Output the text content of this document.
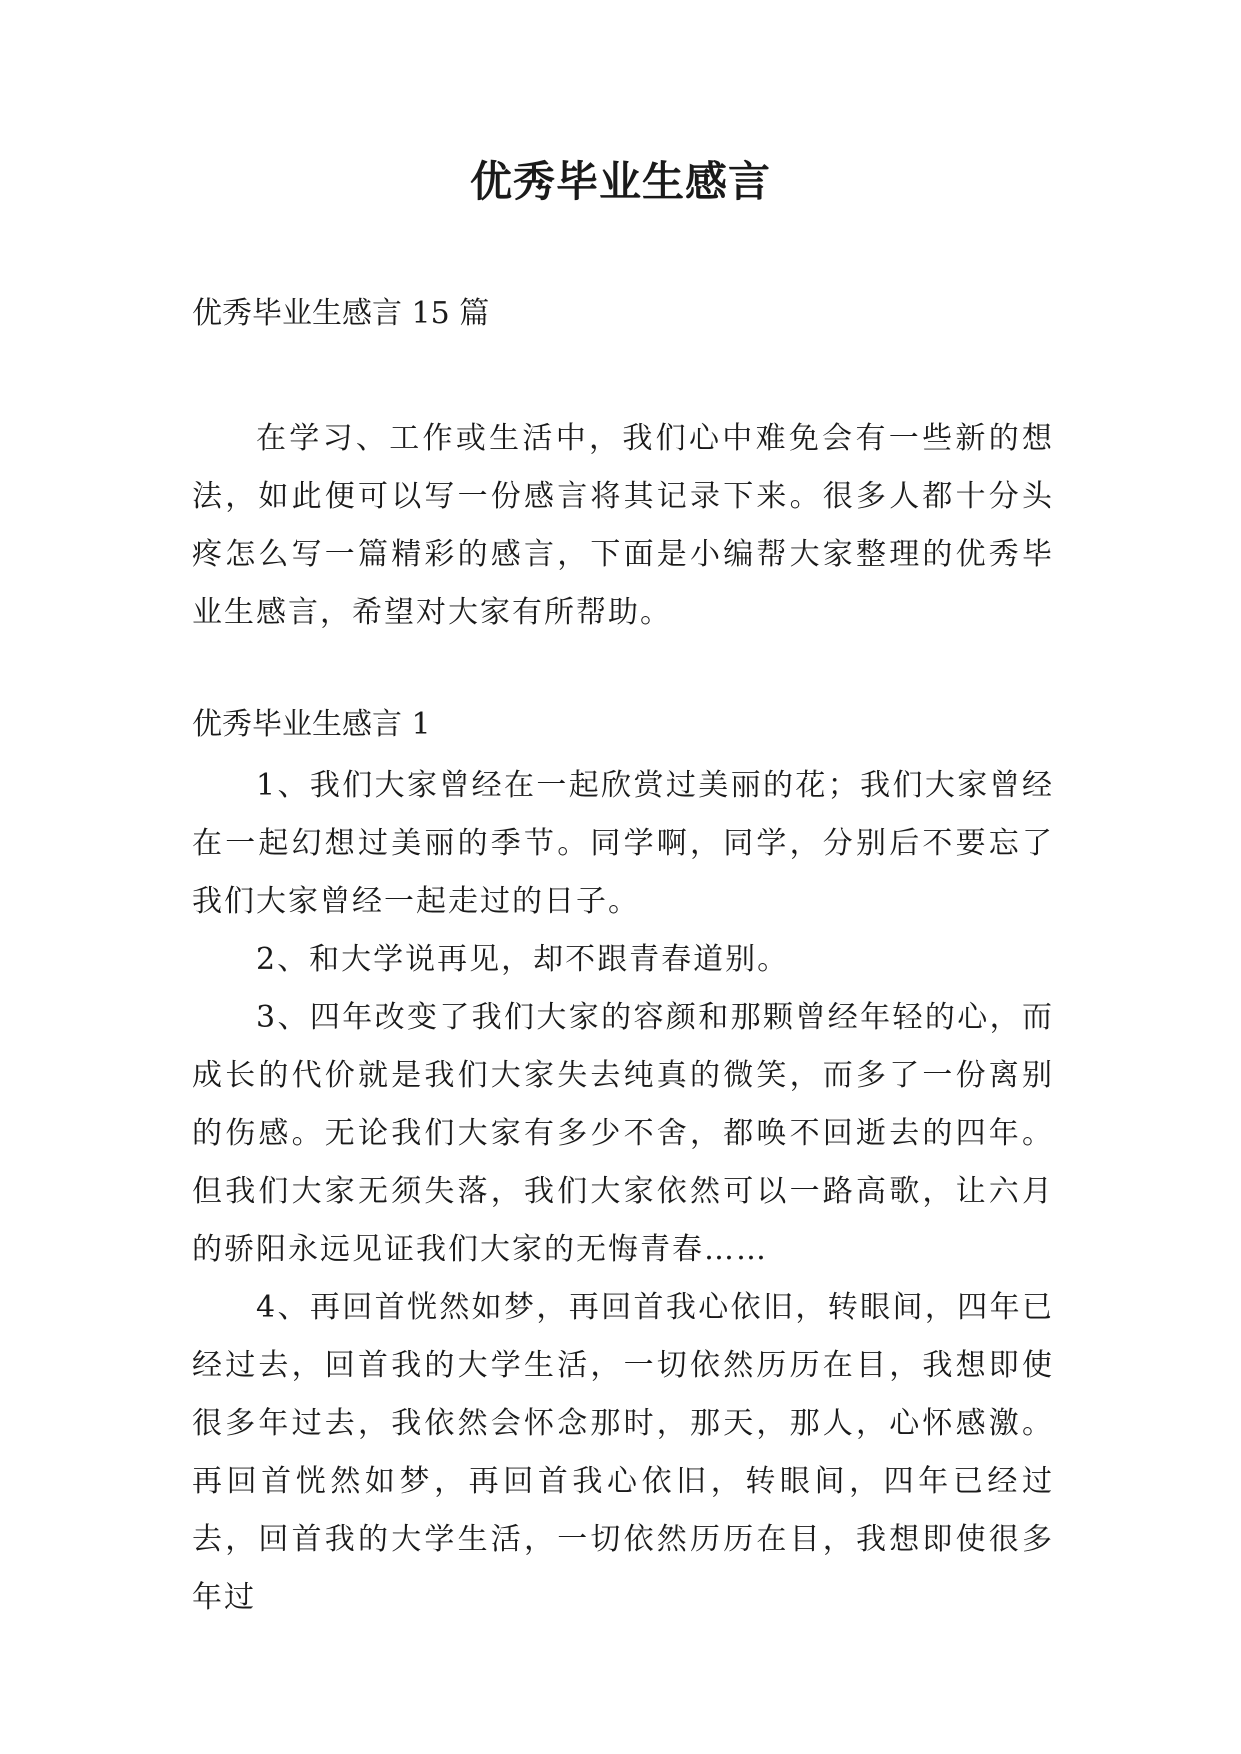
优秀毕业生感言

优秀毕业生感言 15 篇

在学习、工作或生活中，我们心中难免会有一些新的想法，如此便可以写一份感言将其记录下来。很多人都十分头疼怎么写一篇精彩的感言，下面是小编帮大家整理的优秀毕业生感言，希望对大家有所帮助。

优秀毕业生感言 1

1、我们大家曾经在一起欣赏过美丽的花；我们大家曾经在一起幻想过美丽的季节。同学啊，同学，分别后不要忘了我们大家曾经一起走过的日子。

2、和大学说再见，却不跟青春道别。

3、四年改变了我们大家的容颜和那颗曾经年轻的心，而成长的代价就是我们大家失去纯真的微笑，而多了一份离别的伤感。无论我们大家有多少不舍，都唤不回逝去的四年。但我们大家无须失落，我们大家依然可以一路高歌，让六月的骄阳永远见证我们大家的无悔青春……

4、再回首恍然如梦，再回首我心依旧，转眼间，四年已经过去，回首我的大学生活，一切依然历历在目，我想即使很多年过去，我依然会怀念那时，那天，那人，心怀感激。再回首恍然如梦，再回首我心依旧，转眼间，四年已经过去，回首我的大学生活，一切依然历历在目，我想即使很多年过
